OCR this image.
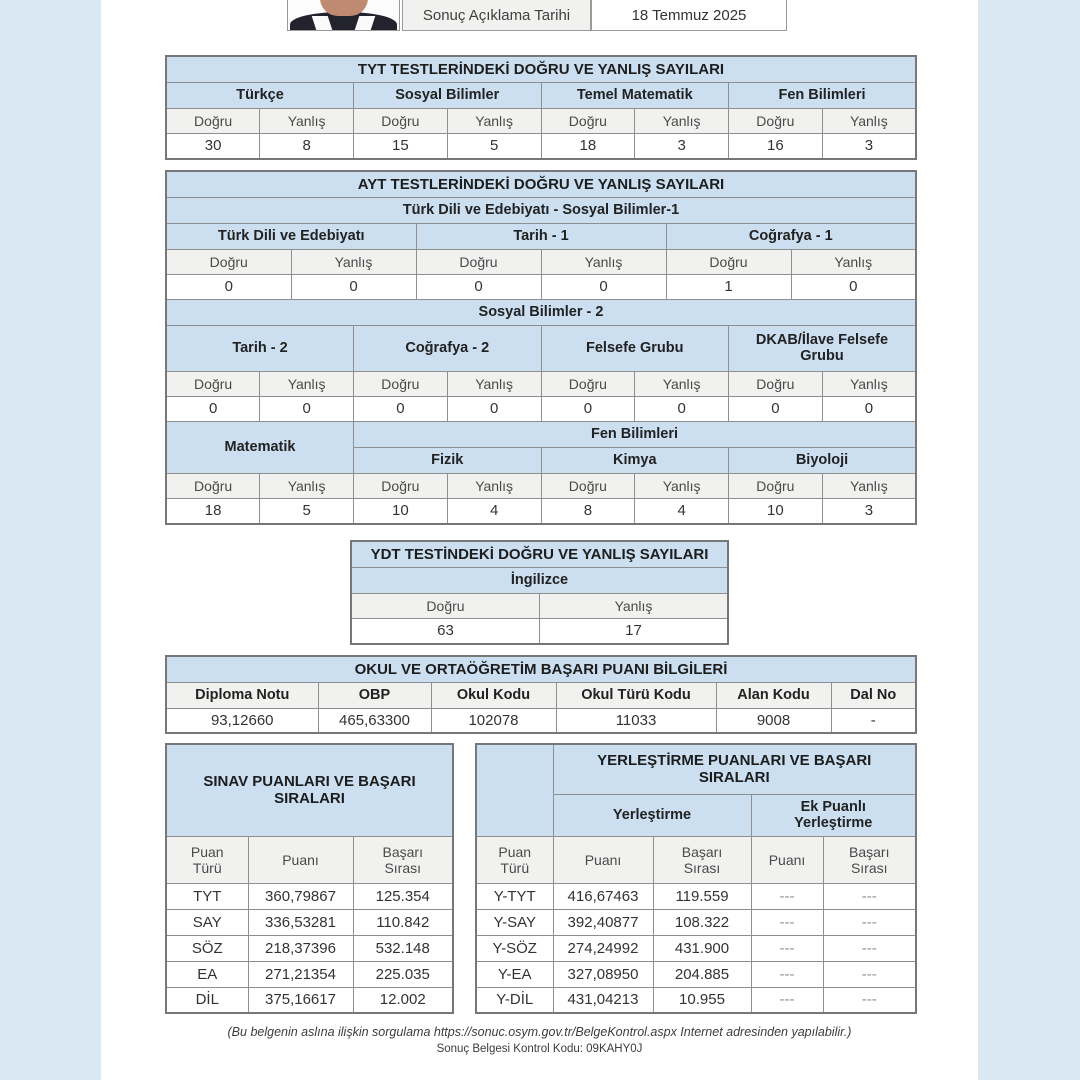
Sonuç Açıklama Tarihi	18 Temmuz 2025
TYT TESTLERİNDEKİ DOĞRU VE YANLIŞ SAYILARI							
Türkçe		Sosyal Bilimler		Temel Matematik		Fen Bilimleri	
Doğru	Yanlış	Doğru	Yanlış	Doğru	Yanlış	Doğru	Yanlış
30	8	15	5	18	3	16	3
AYT TESTLERİNDEKİ DOĞRU VE YANLIŞ SAYILARI											
Türk Dili ve Edebiyatı - Sosyal Bilimler-1											
Türk Dili ve Edebiyatı				Tarih - 1				Coğrafya - 1			
Doğru		Yanlış		Doğru		Yanlış		Doğru		Yanlış	
0		0		0		0		1		0	
Sosyal Bilimler - 2											
Tarih - 2			Coğrafya - 2			Felsefe Grubu			DKAB/İlave Felsefe Grubu		
Doğru	Yanlış		Doğru		Yanlış	Doğru	Yanlış		Doğru		Yanlış
0	0		0		0	0	0		0		0
Matematik			Fen Bilimleri								
			Fizik			Kimya			Biyoloji		
Doğru	Yanlış		Doğru		Yanlış	Doğru	Yanlış		Doğru		Yanlış
18	5		10		4	8	4		10		3
YDT TESTİNDEKİ DOĞRU VE YANLIŞ SAYILARI	
İngilizce	
Doğru	Yanlış
63	17
OKUL VE ORTAÖĞRETİM BAŞARI PUANI BİLGİLERİ					
Diploma Notu	OBP	Okul Kodu	Okul Türü Kodu	Alan Kodu	Dal No
93,12660	465,63300	102078	11033	9008	-
SINAV PUANLARI VE BAŞARI SIRALARI		
Puan Türü	Puanı	Başarı Sırası
TYT	360,79867	125.354
SAY	336,53281	110.842
SÖZ	218,37396	532.148
EA	271,21354	225.035
DİL	375,16617	12.002
	YERLEŞTİRME PUANLARI VE BAŞARI SIRALARI			
	Yerleştirme		Ek Puanlı Yerleştirme	
Puan Türü	Puanı	Başarı Sırası	Puanı	Başarı Sırası
Y-TYT	416,67463	119.559	---	---
Y-SAY	392,40877	108.322	---	---
Y-SÖZ	274,24992	431.900	---	---
Y-EA	327,08950	204.885	---	---
Y-DİL	431,04213	10.955	---	---
(Bu belgenin aslına ilişkin sorgulama https://sonuc.osym.gov.tr/BelgeKontrol.aspx Internet adresinden yapılabilir.)
Sonuç Belgesi Kontrol Kodu: 09KAHY0J
